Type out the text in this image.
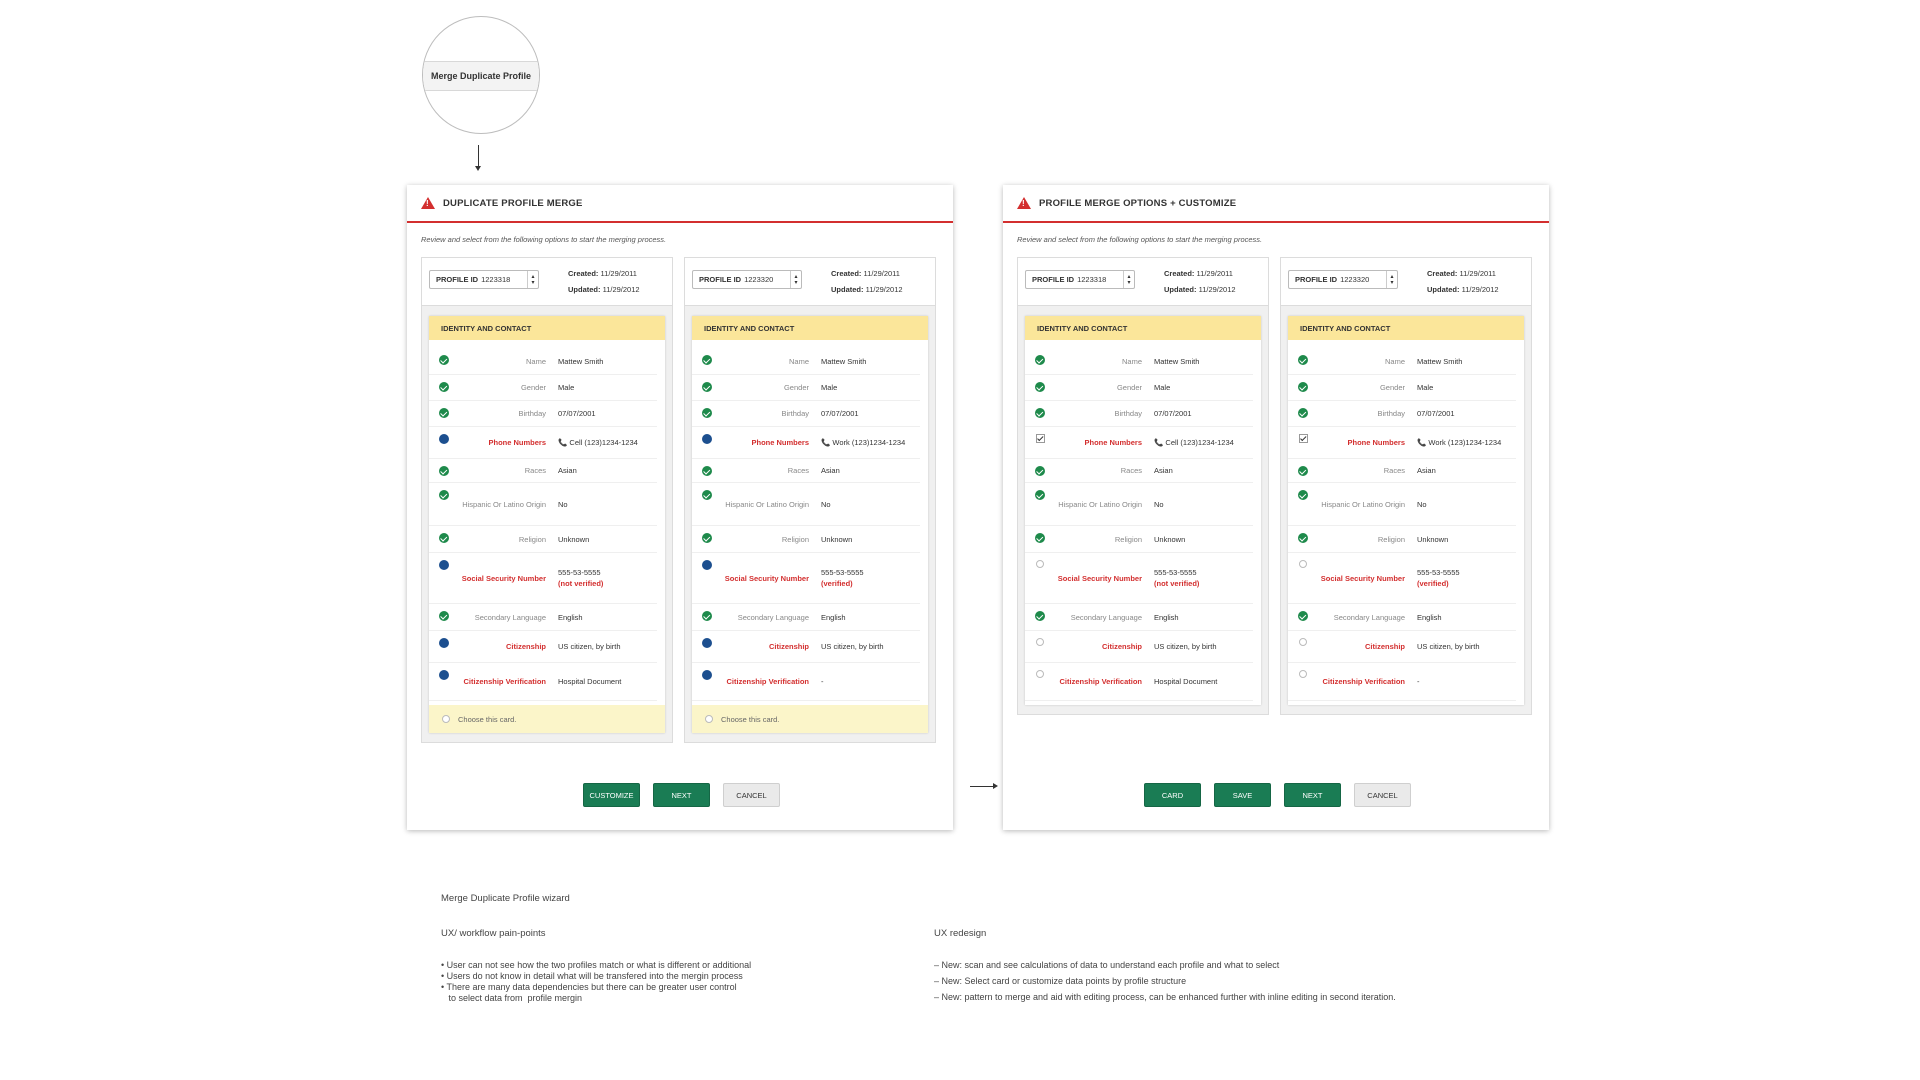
Merge Duplicate Profile
!
DUPLICATE PROFILE MERGE
Review and select from the following options to start the merging process.
PROFILE ID 1223318	▴
▾
Created: 11/29/2011
Updated: 11/29/2012
IDENTITY AND CONTACT
Name Mattew Smith
Gender Male
Birthday 07/07/2001
Phone Numbers 📞 Cell (123)1234-1234
Races Asian
Hispanic Or Latino Origin No
Religion Unknown
Social Security Number
555-53-5555
(not verified)
Secondary Language English
Citizenship US citizen, by birth
Citizenship Verification Hospital Document
Choose this card.
PROFILE ID 1223320	▴
▾
Created: 11/29/2011
Updated: 11/29/2012
IDENTITY AND CONTACT
Name Mattew Smith
Gender Male
Birthday 07/07/2001
Phone Numbers 📞 Work (123)1234-1234
Races Asian
Hispanic Or Latino Origin No
Religion Unknown
Social Security Number
555-53-5555
(verified)
Secondary Language English
Citizenship US citizen, by birth
Citizenship Verification -
Choose this card.
CUSTOMIZE	NEXT	CANCEL
!
PROFILE MERGE OPTIONS + CUSTOMIZE
Review and select from the following options to start the merging process.
PROFILE ID 1223318	▴
▾
Created: 11/29/2011
Updated: 11/29/2012
IDENTITY AND CONTACT
Name Mattew Smith
Gender Male
Birthday 07/07/2001
Phone Numbers 📞 Cell (123)1234-1234
Races Asian
Hispanic Or Latino Origin No
Religion Unknown
Social Security Number
555-53-5555
(not verified)
Secondary Language English
Citizenship US citizen, by birth
Citizenship Verification Hospital Document
PROFILE ID 1223320	▴
▾
Created: 11/29/2011
Updated: 11/29/2012
IDENTITY AND CONTACT
Name Mattew Smith
Gender Male
Birthday 07/07/2001
Phone Numbers 📞 Work (123)1234-1234
Races Asian
Hispanic Or Latino Origin No
Religion Unknown
Social Security Number
555-53-5555
(verified)
Secondary Language English
Citizenship US citizen, by birth
Citizenship Verification -
CARD	SAVE	NEXT	CANCEL
Merge Duplicate Profile wizard
UX/ workflow pain-points

• User can not see how the two profiles match or what is different or additional

• Users do not know in detail what will be transfered into the mergin process

• There are many data dependencies but there can be greater user control

to select data from  profile mergin

UX redesign

– New: scan and see calculations of data to understand each profile and what to select

– New: Select card or customize data points by profile structure

– New: pattern to merge and aid with editing process, can be enhanced further with inline editing in second iteration.
